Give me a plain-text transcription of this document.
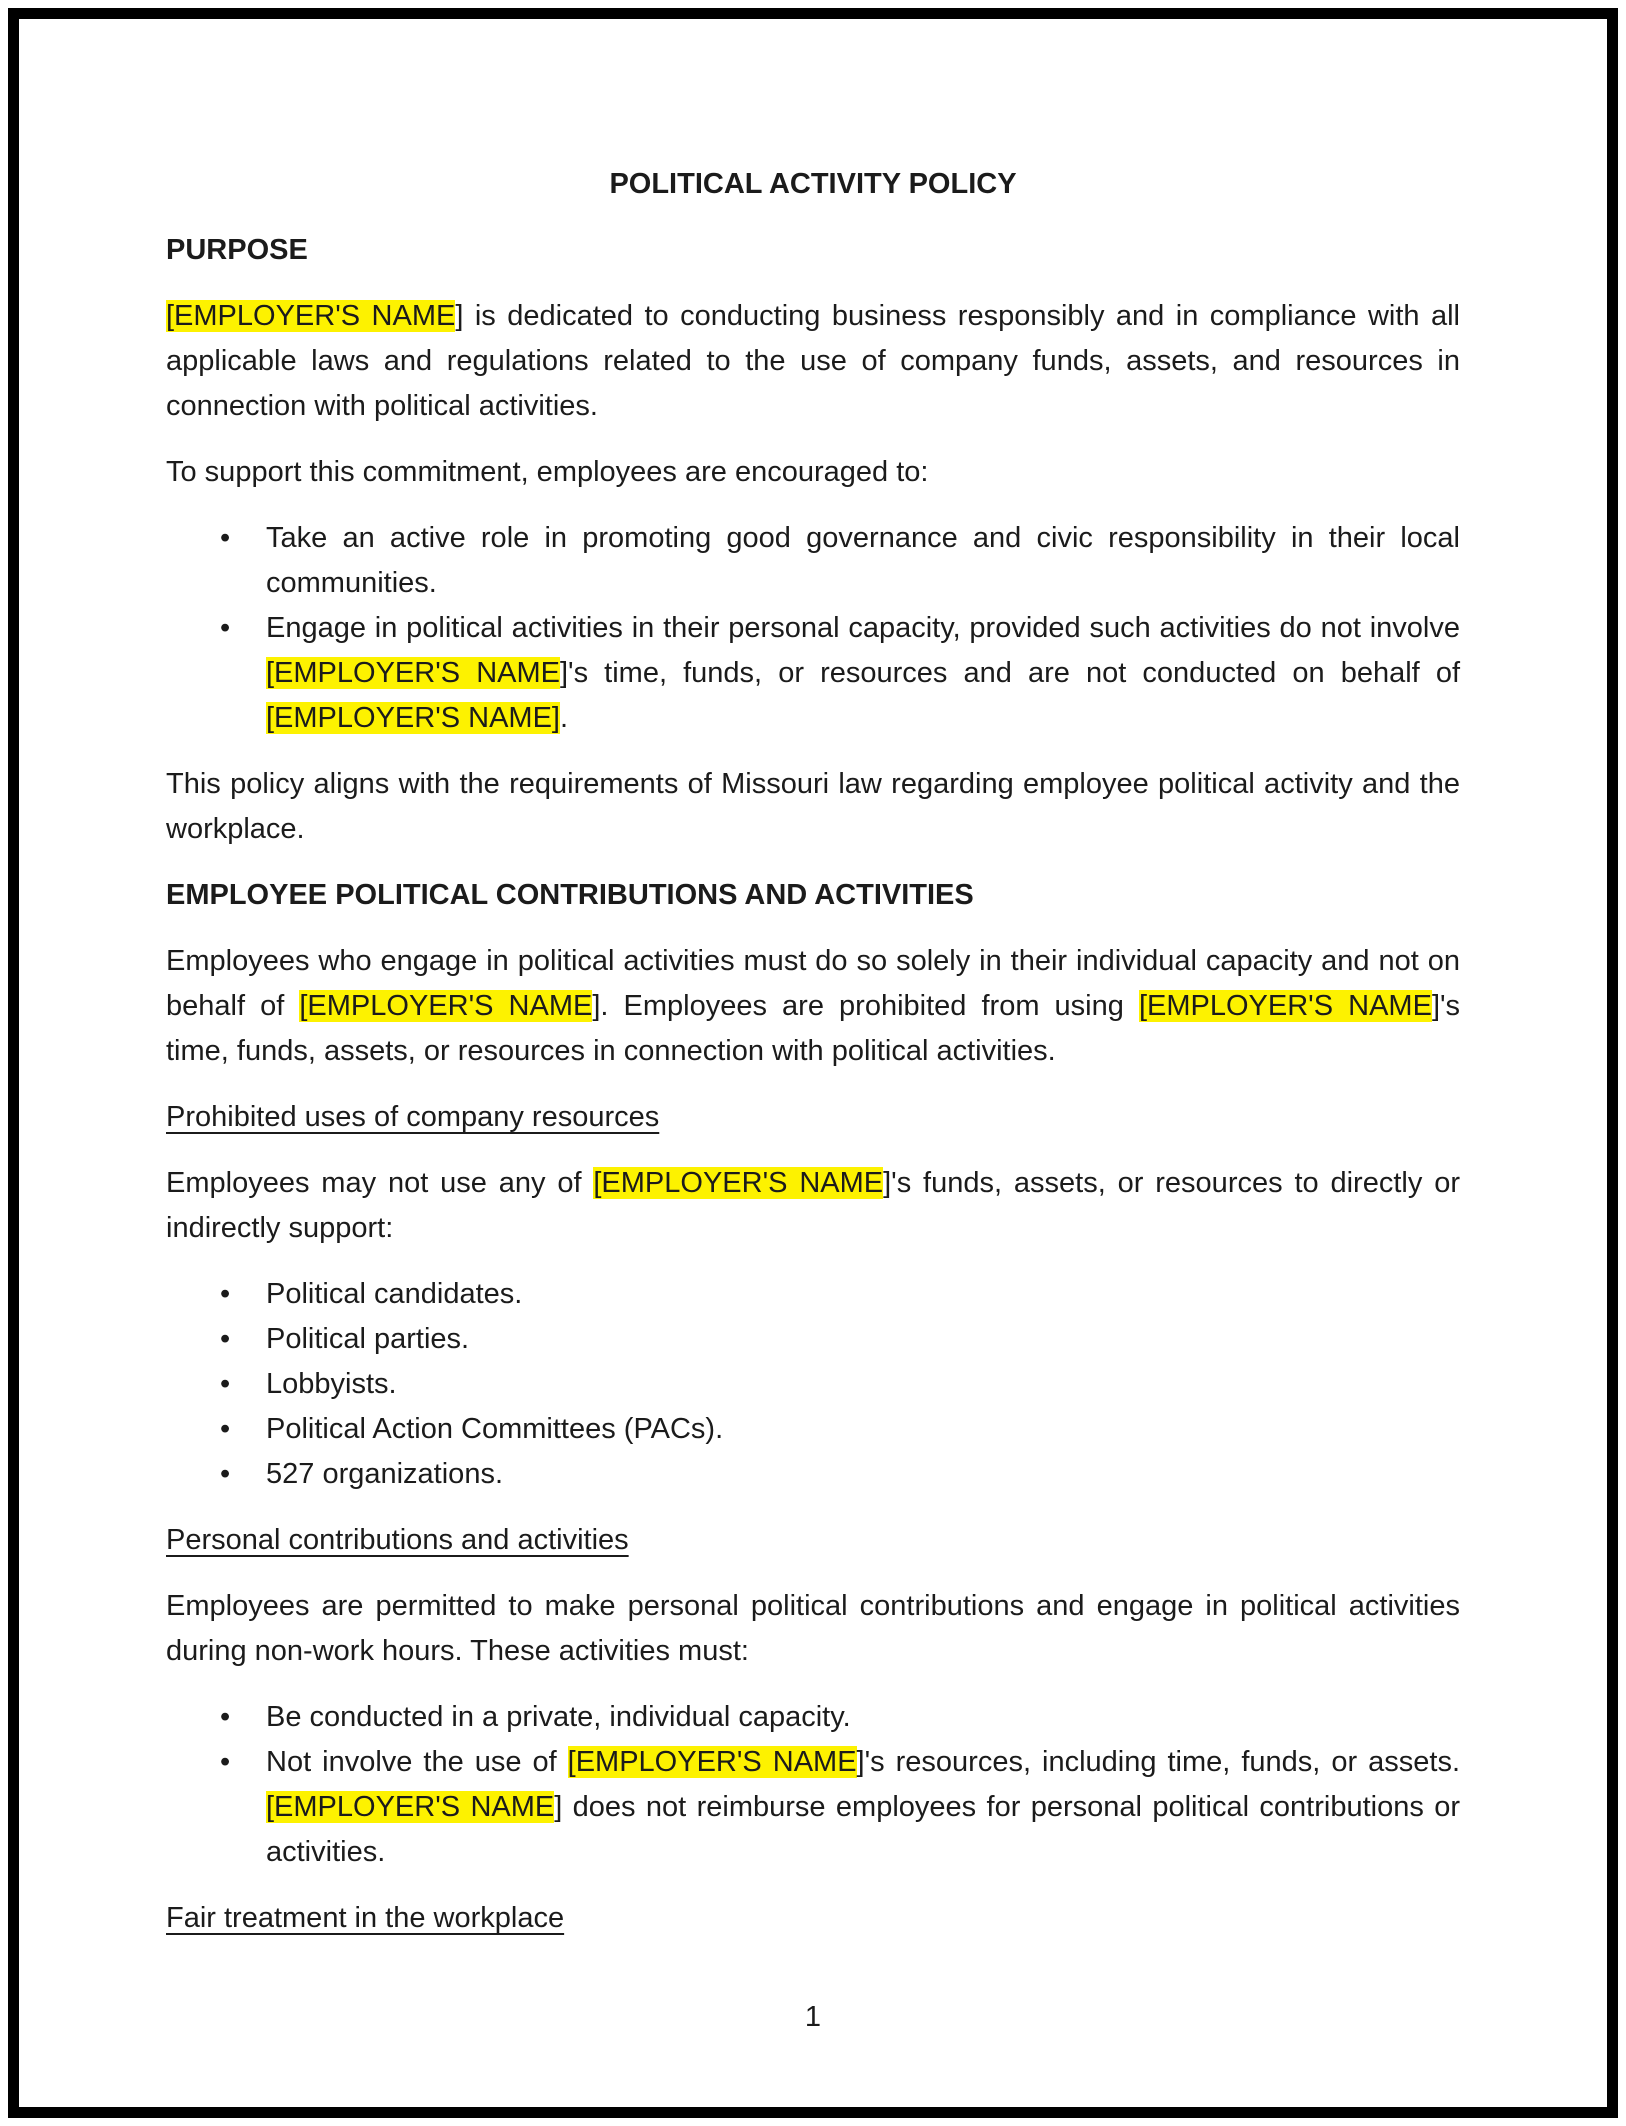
POLITICAL ACTIVITY POLICY
PURPOSE

[EMPLOYER'S NAME] is dedicated to conducting business responsibly and in compliance with all applicable laws and regulations related to the use of company funds, assets, and resources in connection with political activities.

To support this commitment, employees are encouraged to:

• Take an active role in promoting good governance and civic responsibility in their local communities.
• Engage in political activities in their personal capacity, provided such activities do not involve [EMPLOYER'S NAME]'s time, funds, or resources and are not conducted on behalf of [EMPLOYER'S NAME].

This policy aligns with the requirements of Missouri law regarding employee political activity and the workplace.

EMPLOYEE POLITICAL CONTRIBUTIONS AND ACTIVITIES

Employees who engage in political activities must do so solely in their individual capacity and not on behalf of [EMPLOYER'S NAME]. Employees are prohibited from using [EMPLOYER'S NAME]'s time, funds, assets, or resources in connection with political activities.

Prohibited uses of company resources

Employees may not use any of [EMPLOYER'S NAME]'s funds, assets, or resources to directly or indirectly support:

• Political candidates.
• Political parties.
• Lobbyists.
• Political Action Committees (PACs).
• 527 organizations.
Personal contributions and activities

Employees are permitted to make personal political contributions and engage in political activities during non-work hours. These activities must:

• Be conducted in a private, individual capacity.
• Not involve the use of [EMPLOYER'S NAME]'s resources, including time, funds, or assets. [EMPLOYER'S NAME] does not reimburse employees for personal political contributions or activities.
Fair treatment in the workplace
1
